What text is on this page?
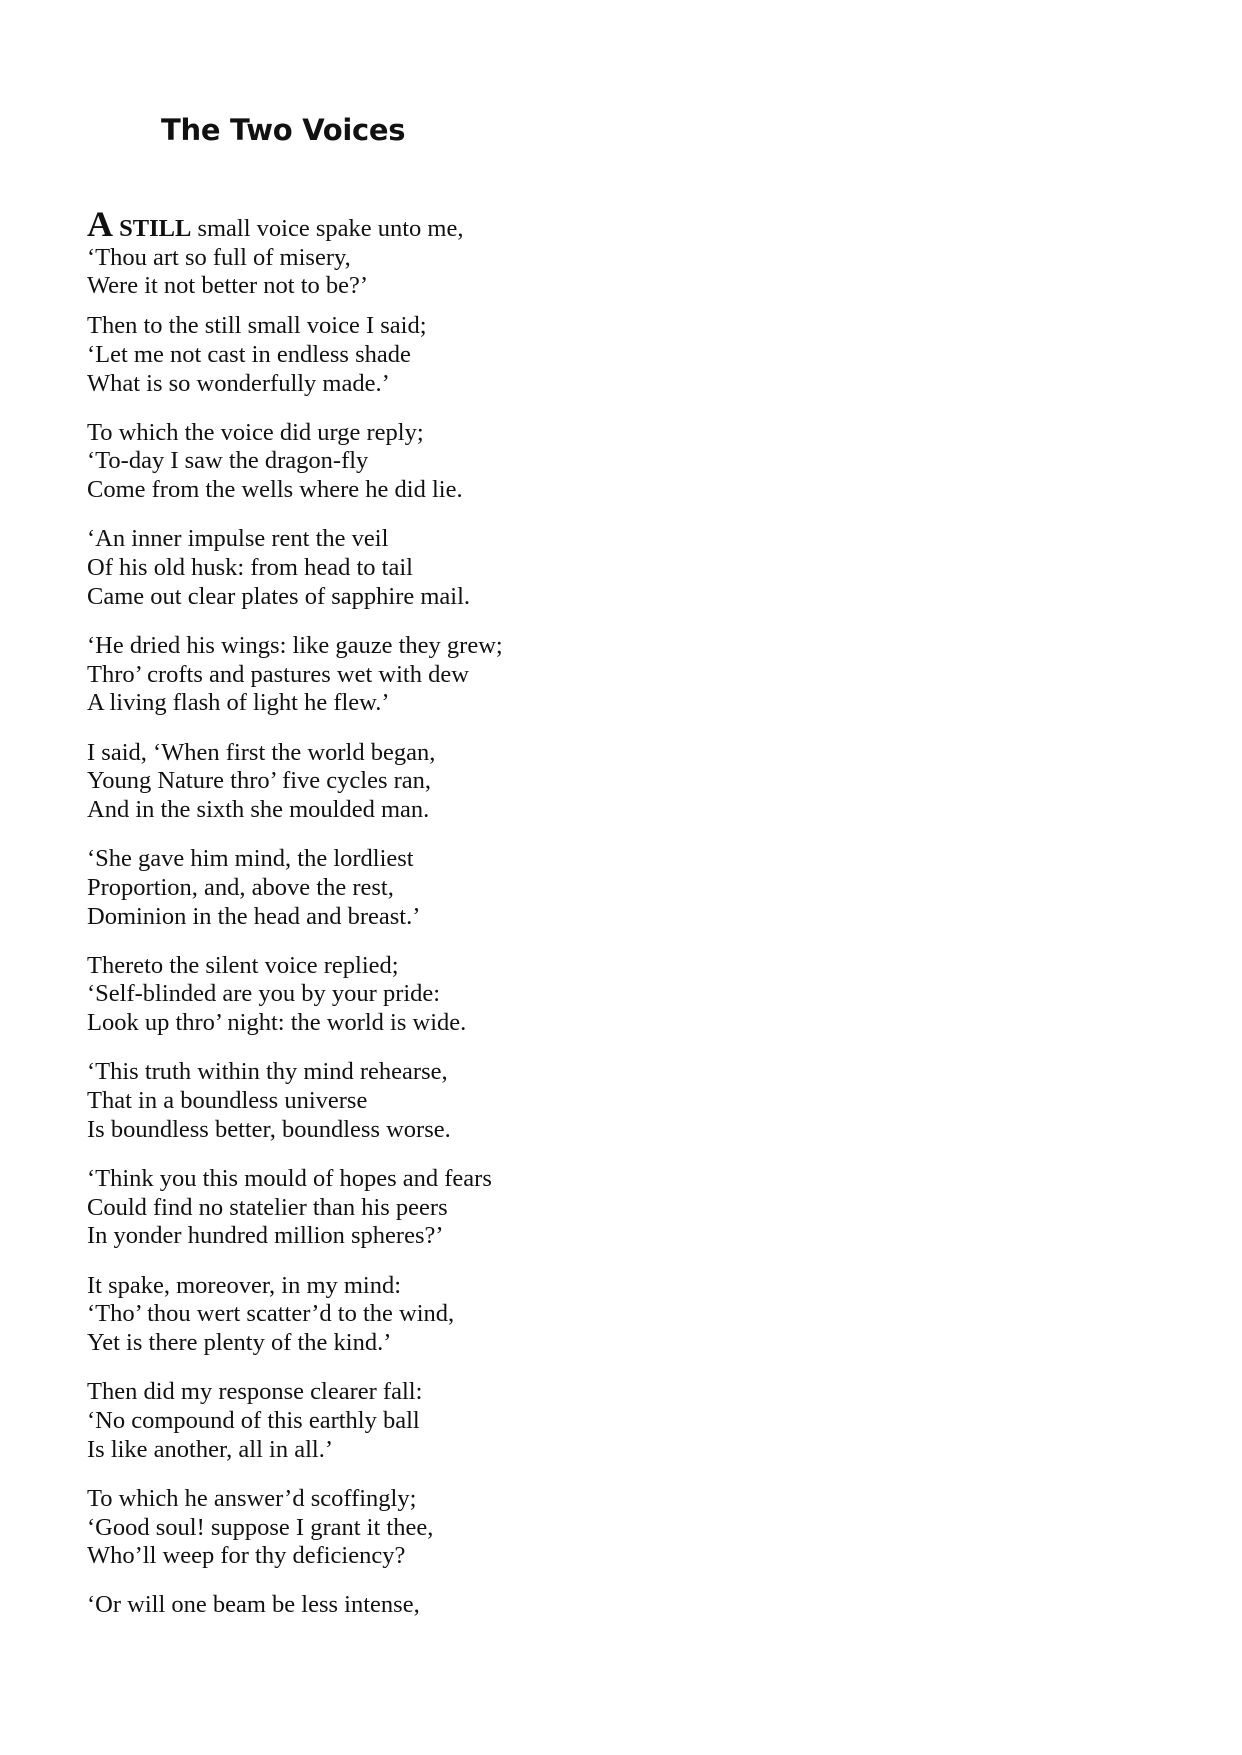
The Two Voices
A STILL small voice spake unto me,
‘Thou art so full of misery,
Were it not better not to be?’
Then to the still small voice I said;
‘Let me not cast in endless shade
What is so wonderfully made.’
To which the voice did urge reply;
‘To-day I saw the dragon-fly
Come from the wells where he did lie.
‘An inner impulse rent the veil
Of his old husk: from head to tail
Came out clear plates of sapphire mail.
‘He dried his wings: like gauze they grew;
Thro’ crofts and pastures wet with dew
A living flash of light he flew.’
I said, ‘When first the world began,
Young Nature thro’ five cycles ran,
And in the sixth she moulded man.
‘She gave him mind, the lordliest
Proportion, and, above the rest,
Dominion in the head and breast.’
Thereto the silent voice replied;
‘Self-blinded are you by your pride:
Look up thro’ night: the world is wide.
‘This truth within thy mind rehearse,
That in a boundless universe
Is boundless better, boundless worse.
‘Think you this mould of hopes and fears
Could find no statelier than his peers
In yonder hundred million spheres?’
It spake, moreover, in my mind:
‘Tho’ thou wert scatter’d to the wind,
Yet is there plenty of the kind.’
Then did my response clearer fall:
‘No compound of this earthly ball
Is like another, all in all.’
To which he answer’d scoffingly;
‘Good soul! suppose I grant it thee,
Who’ll weep for thy deficiency?
‘Or will one beam be less intense,
